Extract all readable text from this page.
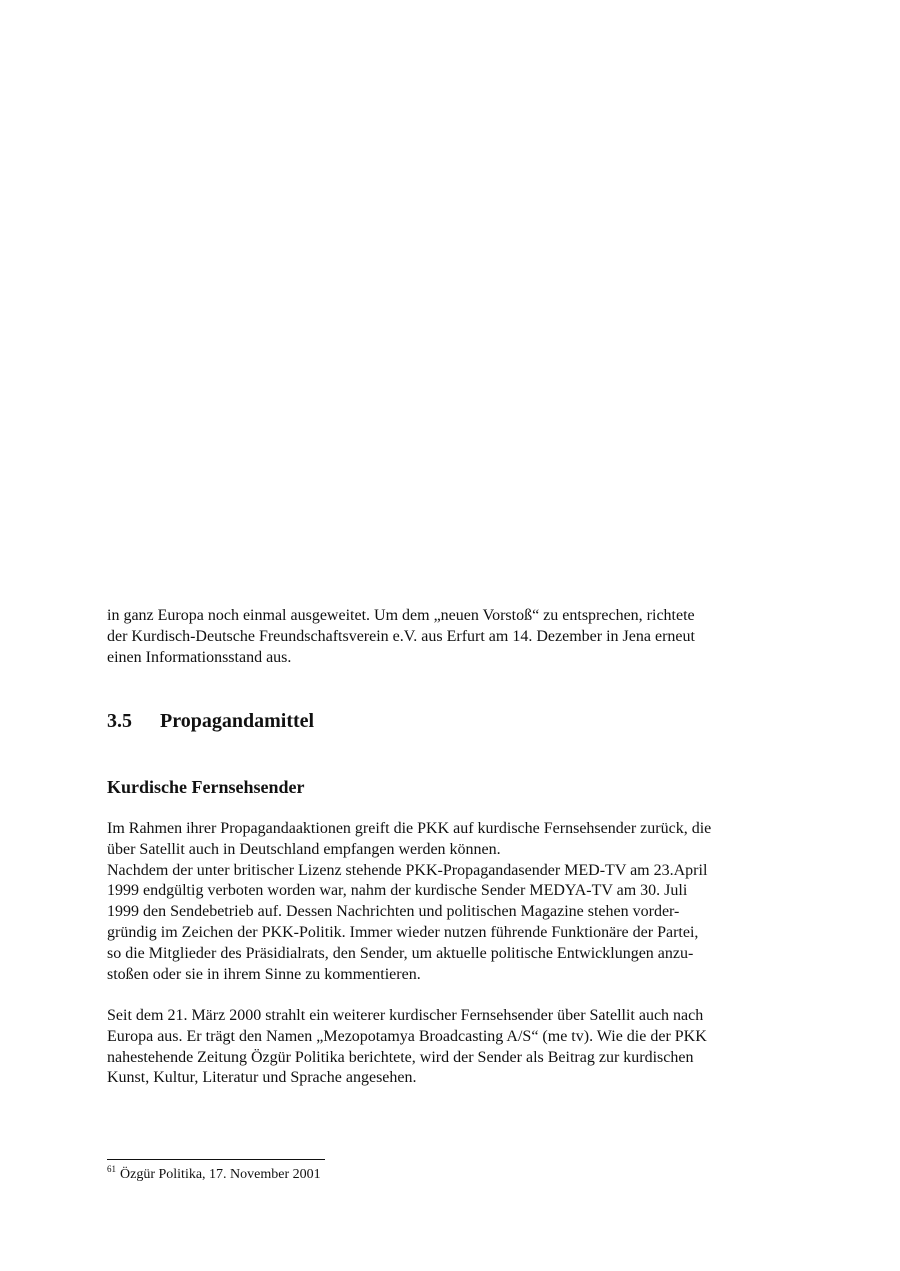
in ganz Europa noch einmal ausgeweitet. Um dem „neuen Vorstoß“ zu entsprechen, richtete
der Kurdisch-Deutsche Freundschaftsverein e.V. aus Erfurt am 14. Dezember in Jena erneut
einen Informationsstand aus.
3.5 Propagandamittel
Kurdische Fernsehsender
Im Rahmen ihrer Propagandaaktionen greift die PKK auf kurdische Fernsehsender zurück, die
über Satellit auch in Deutschland empfangen werden können.
Nachdem der unter britischer Lizenz stehende PKK-Propagandasender MED-TV am 23.April
1999 endgültig verboten worden war, nahm der kurdische Sender MEDYA-TV am 30. Juli
1999 den Sendebetrieb auf. Dessen Nachrichten und politischen Magazine stehen vorder-
gründig im Zeichen der PKK-Politik. Immer wieder nutzen führende Funktionäre der Partei,
so die Mitglieder des Präsidialrats, den Sender, um aktuelle politische Entwicklungen anzu-
stoßen oder sie in ihrem Sinne zu kommentieren.
Seit dem 21. März 2000 strahlt ein weiterer kurdischer Fernsehsender über Satellit auch nach
Europa aus. Er trägt den Namen „Mezopotamya Broadcasting A/S“ (me tv). Wie die der PKK
nahestehende Zeitung Özgür Politika berichtete, wird der Sender als Beitrag zur kurdischen
Kunst, Kultur, Literatur und Sprache angesehen.
$^{61}$ Özgür Politika, 17. November 2001
